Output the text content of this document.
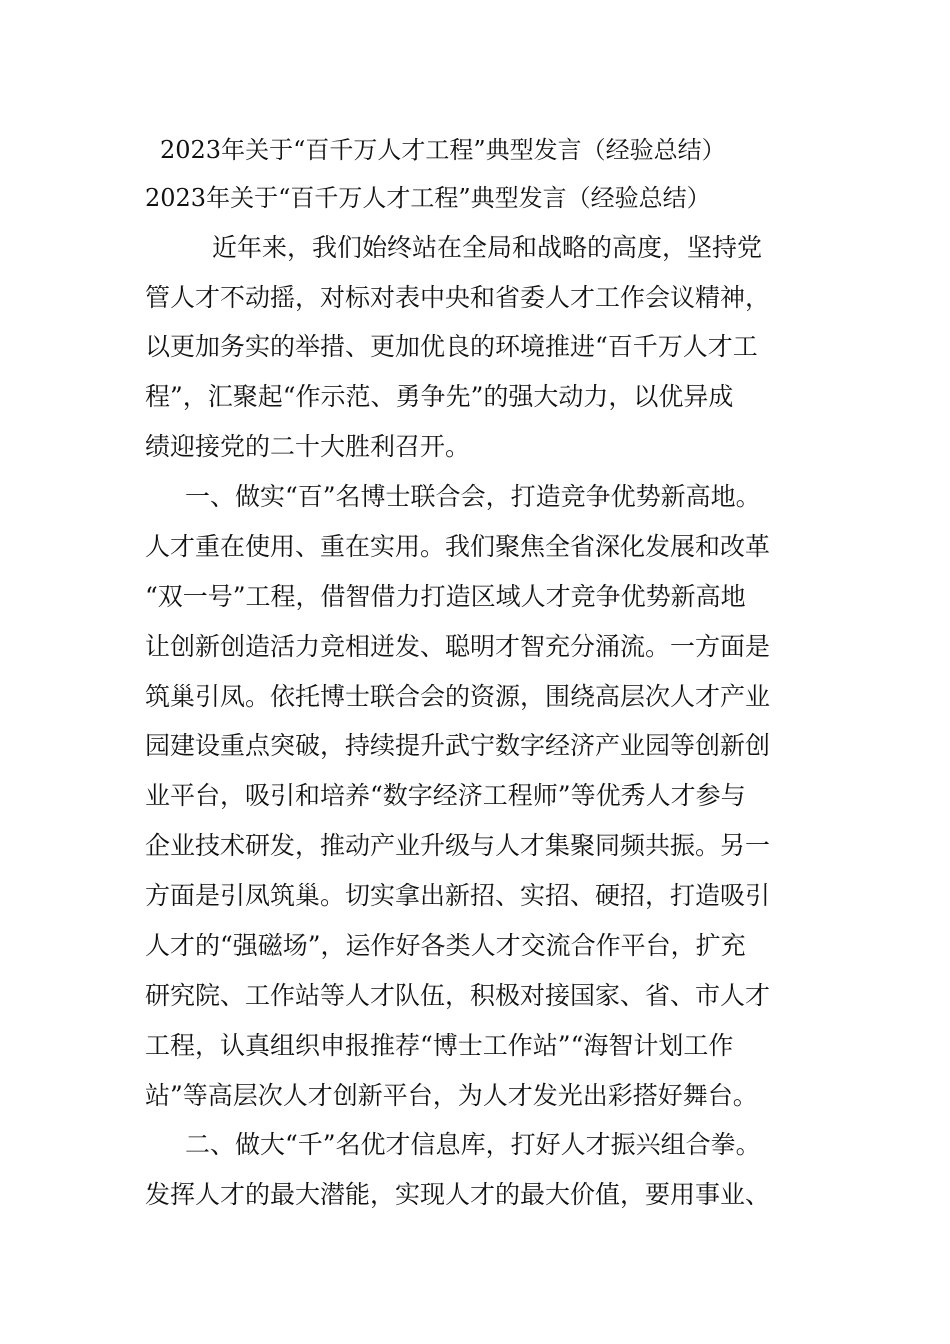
2023年关于“百千万人才工程”典型发言（经验总结）
2023年关于“百千万人才工程”典型发言（经验总结）
　　近年来，我们始终站在全局和战略的高度，坚持党
管人才不动摇，对标对表中央和省委人才工作会议精神，
以更加务实的举措、更加优良的环境推进“百千万人才工
程”，汇聚起“作示范、勇争先”的强大动力，以优异成
绩迎接党的二十大胜利召开。
　一、做实“百”名博士联合会，打造竞争优势新高地。
人才重在使用、重在实用。我们聚焦全省深化发展和改革
“双一号”工程，借智借力打造区域人才竞争优势新高地
让创新创造活力竞相迸发、聪明才智充分涌流。一方面是
筑巢引凤。依托博士联合会的资源，围绕高层次人才产业
园建设重点突破，持续提升武宁数字经济产业园等创新创
业平台，吸引和培养“数字经济工程师”等优秀人才参与
企业技术研发，推动产业升级与人才集聚同频共振。另一
方面是引凤筑巢。切实拿出新招、实招、硬招，打造吸引
人才的“强磁场”，运作好各类人才交流合作平台，扩充
研究院、工作站等人才队伍，积极对接国家、省、市人才
工程，认真组织申报推荐“博士工作站”“海智计划工作
站”等高层次人才创新平台，为人才发光出彩搭好舞台。
　二、做大“千”名优才信息库，打好人才振兴组合拳。
发挥人才的最大潜能，实现人才的最大价值，要用事业、
